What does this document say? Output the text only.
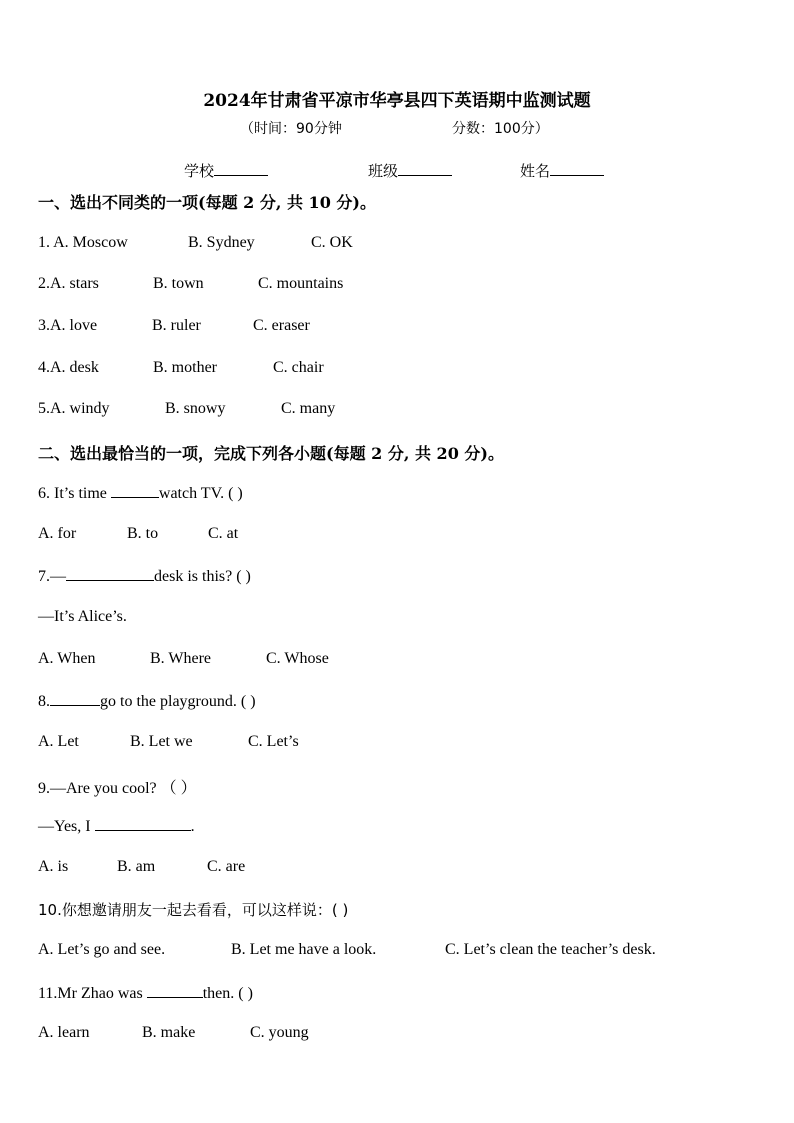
2024年甘肃省平凉市华亭县四下英语期中监测试题
（时间：90分钟	分数：100分）
学校	班级	姓名
一、选出不同类的一项(每题 2 分, 共 10 分)。
1. A. Moscow	B. Sydney	C. OK
2.A. stars	B. town	C. mountains
3.A. love	B. ruler	C. eraser
4.A. desk	B. mother	C. chair
5.A. windy	B. snowy	C. many
二、选出最恰当的一项，完成下列各小题(每题 2 分, 共 20 分)。
6. It’s time	watch TV. ( )
A. for	B. to	C. at
7.—	desk is this? ( )
—It’s Alice’s.
A. When	B. Where	C. Whose
8.	go to the playground. ( )
A. Let	B. Let we	C. Let’s
9.—Are you cool? （ ）
—Yes, I	.
A. is	B. am	C. are
10.你想邀请朋友一起去看看，可以这样说：( )
A. Let’s go and see.	B. Let me have a look.	C. Let’s clean the teacher’s desk.
11.Mr Zhao was	then. ( )
A. learn	B. make	C. young
